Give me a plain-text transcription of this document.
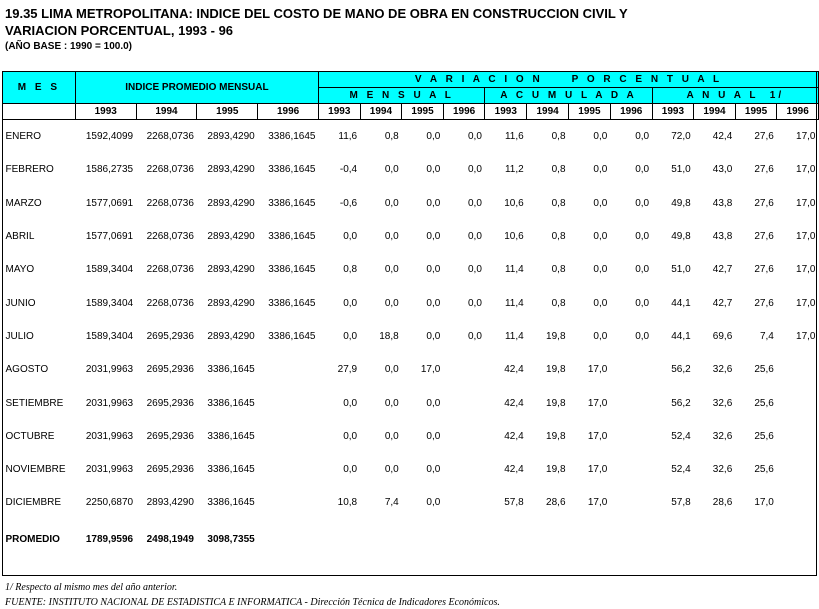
19.35 LIMA METROPOLITANA: INDICE DEL COSTO DE MANO DE OBRA EN CONSTRUCCION CIVIL Y
VARIACION PORCENTUAL, 1993 - 96
(AÑO BASE : 1990 = 100.0)
M E S	INDICE PROMEDIO MENSUAL				V A R I A C I O N     P O R C E N T U A L											
					M E N S U A L				A C U M U L A D A				A N U A L  1/			
	1993	1994	1995	1996	1993	1994	1995	1996	1993	1994	1995	1996	1993	1994	1995	1996
ENERO	1592,4099	2268,0736	2893,4290	3386,1645	11,6	0,8	0,0	0,0	11,6	0,8	0,0	0,0	72,0	42,4	27,6	17,0
FEBRERO	1586,2735	2268,0736	2893,4290	3386,1645	-0,4	0,0	0,0	0,0	11,2	0,8	0,0	0,0	51,0	43,0	27,6	17,0
MARZO	1577,0691	2268,0736	2893,4290	3386,1645	-0,6	0,0	0,0	0,0	10,6	0,8	0,0	0,0	49,8	43,8	27,6	17,0
ABRIL	1577,0691	2268,0736	2893,4290	3386,1645	0,0	0,0	0,0	0,0	10,6	0,8	0,0	0,0	49,8	43,8	27,6	17,0
MAYO	1589,3404	2268,0736	2893,4290	3386,1645	0,8	0,0	0,0	0,0	11,4	0,8	0,0	0,0	51,0	42,7	27,6	17,0
JUNIO	1589,3404	2268,0736	2893,4290	3386,1645	0,0	0,0	0,0	0,0	11,4	0,8	0,0	0,0	44,1	42,7	27,6	17,0
JULIO	1589,3404	2695,2936	2893,4290	3386,1645	0,0	18,8	0,0	0,0	11,4	19,8	0,0	0,0	44,1	69,6	7,4	17,0
AGOSTO	2031,9963	2695,2936	3386,1645		27,9	0,0	17,0		42,4	19,8	17,0		56,2	32,6	25,6	
SETIEMBRE	2031,9963	2695,2936	3386,1645		0,0	0,0	0,0		42,4	19,8	17,0		56,2	32,6	25,6	
OCTUBRE	2031,9963	2695,2936	3386,1645		0,0	0,0	0,0		42,4	19,8	17,0		52,4	32,6	25,6	
NOVIEMBRE	2031,9963	2695,2936	3386,1645		0,0	0,0	0,0		42,4	19,8	17,0		52,4	32,6	25,6	
DICIEMBRE	2250,6870	2893,4290	3386,1645		10,8	7,4	0,0		57,8	28,6	17,0		57,8	28,6	17,0	
PROMEDIO	1789,9596	2498,1949	3098,7355													
1/ Respecto al mismo mes del año anterior.
FUENTE: INSTITUTO NACIONAL DE ESTADISTICA E INFORMATICA - Dirección Técnica de Indicadores Económicos.
